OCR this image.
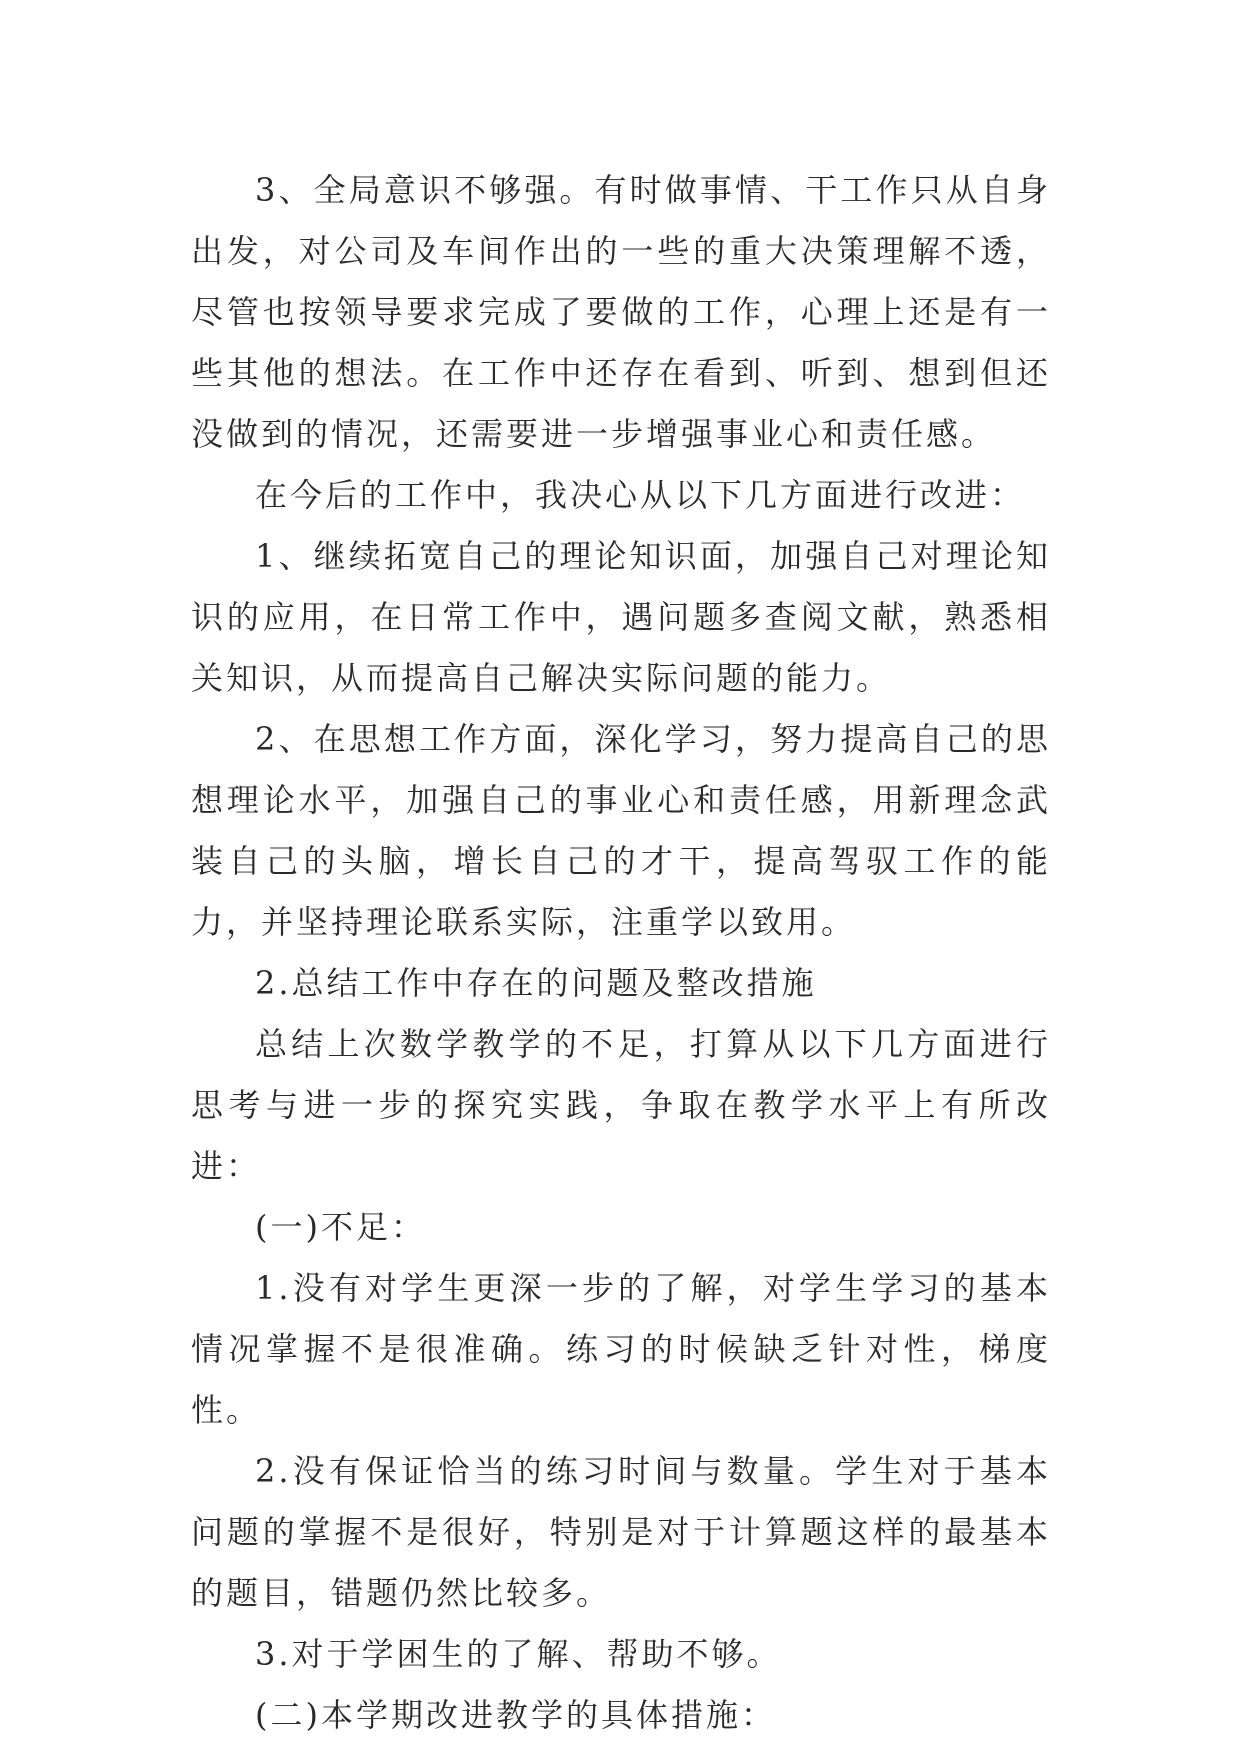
3、全局意识不够强。有时做事情、干工作只从自身出发，对公司及车间作出的一些的重大决策理解不透，尽管也按领导要求完成了要做的工作，心理上还是有一些其他的想法。在工作中还存在看到、听到、想到但还没做到的情况，还需要进一步增强事业心和责任感。

在今后的工作中，我决心从以下几方面进行改进：

1、继续拓宽自己的理论知识面，加强自己对理论知识的应用，在日常工作中，遇问题多查阅文献，熟悉相关知识，从而提高自己解决实际问题的能力。

2、在思想工作方面，深化学习，努力提高自己的思想理论水平，加强自己的事业心和责任感，用新理念武装自己的头脑，增长自己的才干，提高驾驭工作的能力，并坚持理论联系实际，注重学以致用。

2.总结工作中存在的问题及整改措施

总结上次数学教学的不足，打算从以下几方面进行思考与进一步的探究实践，争取在教学水平上有所改进：

(一)不足：

1.没有对学生更深一步的了解，对学生学习的基本情况掌握不是很准确。练习的时候缺乏针对性，梯度性。

2.没有保证恰当的练习时间与数量。学生对于基本问题的掌握不是很好，特别是对于计算题这样的最基本的题目，错题仍然比较多。

3.对于学困生的了解、帮助不够。

(二)本学期改进教学的具体措施：
